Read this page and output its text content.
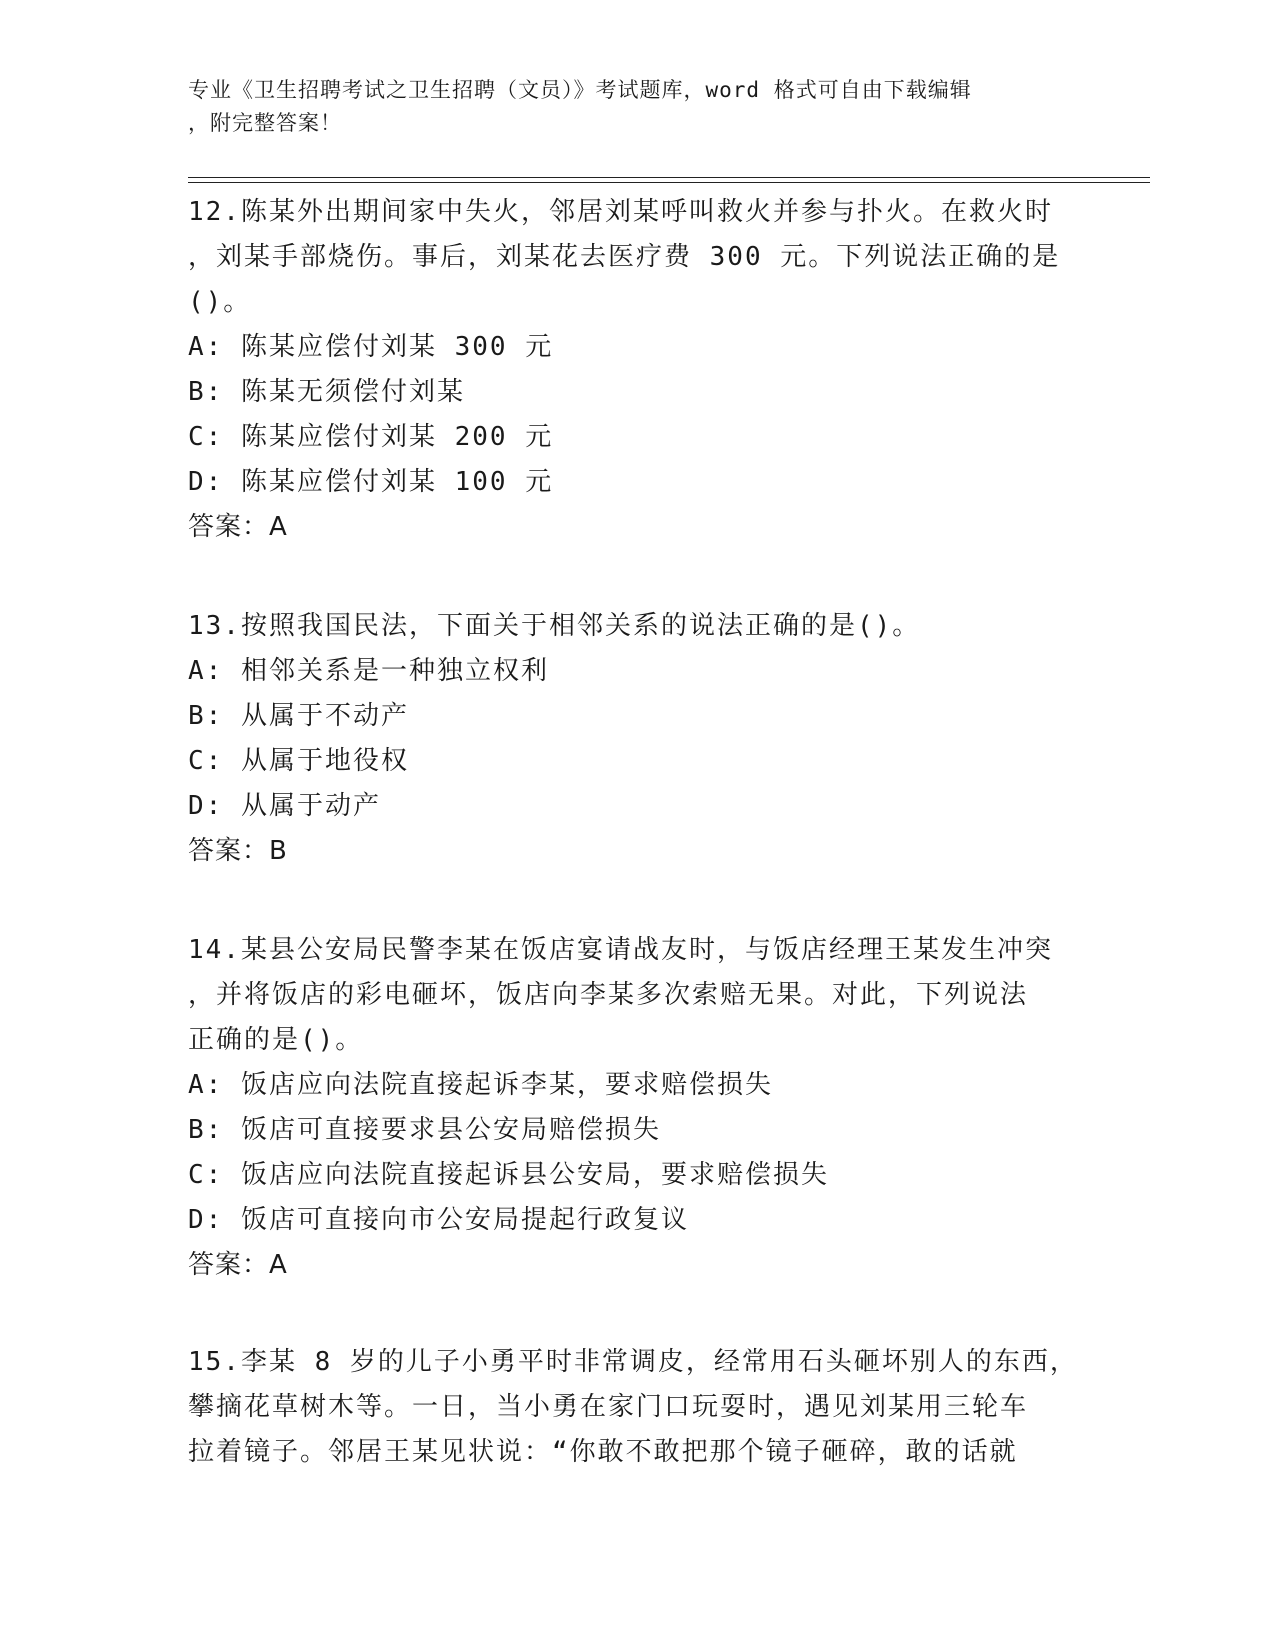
专业《卫生招聘考试之卫生招聘（文员）》考试题库，word 格式可自由下载编辑
，附完整答案！

12.陈某外出期间家中失火，邻居刘某呼叫救火并参与扑火。在救火时

，刘某手部烧伤。事后，刘某花去医疗费 300 元。下列说法正确的是

()。

A: 陈某应偿付刘某 300 元

B: 陈某无须偿付刘某

C: 陈某应偿付刘某 200 元

D: 陈某应偿付刘某 100 元

答案：A

13.按照我国民法，下面关于相邻关系的说法正确的是()。

A: 相邻关系是一种独立权利

B: 从属于不动产

C: 从属于地役权

D: 从属于动产

答案：B

14.某县公安局民警李某在饭店宴请战友时，与饭店经理王某发生冲突

，并将饭店的彩电砸坏，饭店向李某多次索赔无果。对此，下列说法

正确的是()。

A: 饭店应向法院直接起诉李某，要求赔偿损失

B: 饭店可直接要求县公安局赔偿损失

C: 饭店应向法院直接起诉县公安局，要求赔偿损失

D: 饭店可直接向市公安局提起行政复议

答案：A

15.李某 8 岁的儿子小勇平时非常调皮，经常用石头砸坏别人的东西，

攀摘花草树木等。一日，当小勇在家门口玩耍时，遇见刘某用三轮车

拉着镜子。邻居王某见状说：“你敢不敢把那个镜子砸碎，敢的话就
